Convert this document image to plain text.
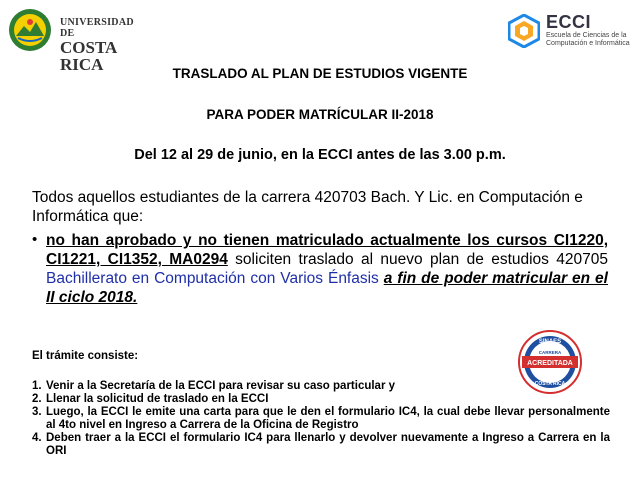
UNIVERSIDAD DE
COSTA RICA
ECCI
Escuela de Ciencias de la
Computación e Informática
TRASLADO AL PLAN DE ESTUDIOS VIGENTE
PARA PODER MATRÍCULAR II-2018
Del 12 al 29 de junio, en la ECCI antes de las 3.00 p.m.
Todos aquellos estudiantes de la carrera 420703 Bach. Y Lic. en Computación e Informática que:
• no han aprobado y no tienen matriculado actualmente los cursos CI1220, CI1221, CI1352, MA0294 soliciten traslado al nuevo plan de estudios 420705 Bachillerato en Computación con Varios Énfasis a fin de poder matricular en el II ciclo 2018.
El trámite consiste:
1. Venir a la Secretaría de la ECCI para revisar su caso particular y
2. Llenar la solicitud de traslado en la ECCI
3. Luego, la ECCI le emite una carta para que le den el formulario IC4, la cual debe llevar personalmente al 4to nivel en Ingreso a Carrera de la Oficina de Registro
4. Deben traer a la ECCI el formulario IC4 para llenarlo y devolver nuevamente a Ingreso a Carrera en la ORI
SINAES
CARRERA
ACREDITADA
COSTA RICA
